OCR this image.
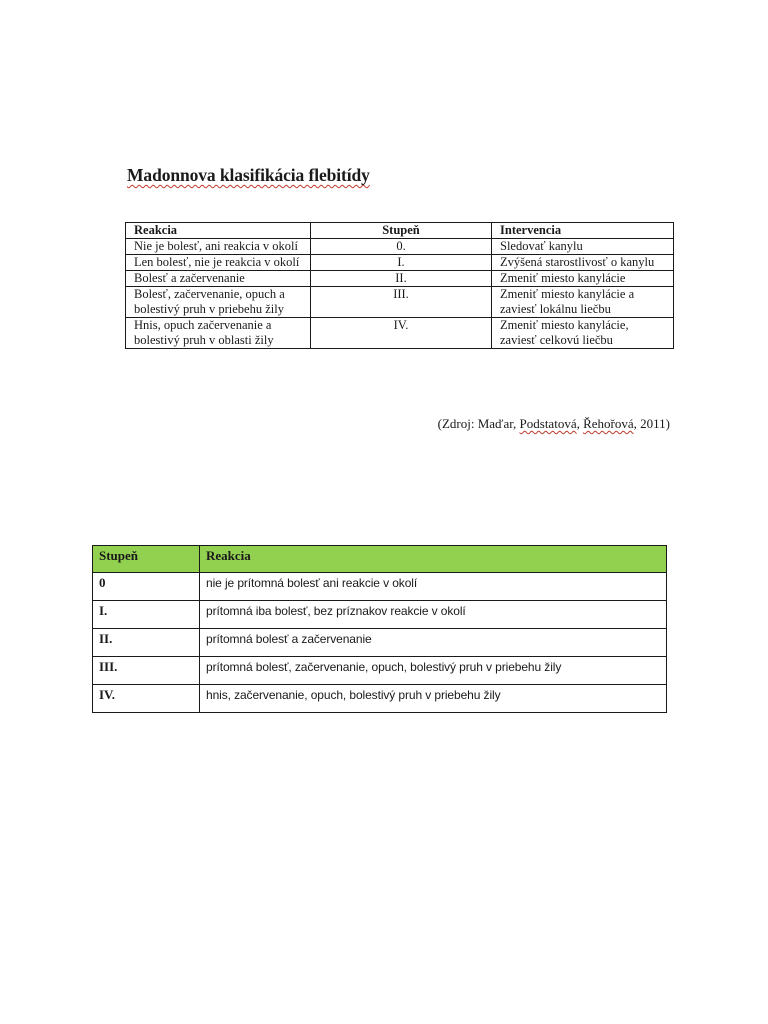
Madonnova klasifikácia flebitídy
Reakcia	Stupeň	Intervencia
Nie je bolesť, ani reakcia v okolí	0.	Sledovať kanylu
Len bolesť, nie je reakcia v okolí	I.	Zvýšená starostlivosť o kanylu
Bolesť a začervenanie	II.	Zmeniť miesto kanylácie
Bolesť, začervenanie, opuch a bolestivý pruh v priebehu žily	III.	Zmeniť miesto kanylácie a zaviesť lokálnu liečbu
Hnis, opuch začervenanie a bolestivý pruh v oblasti žily	IV.	Zmeniť miesto kanylácie, zaviesť celkovú liečbu
(Zdroj: Maďar, Podstatová, Řehořová, 2011)
Stupeň	Reakcia
0	nie je prítomná bolesť ani reakcie v okolí
I.	prítomná iba bolesť, bez príznakov reakcie v okolí
II.	prítomná bolesť a začervenanie
III.	prítomná bolesť, začervenanie, opuch, bolestivý pruh v priebehu žily
IV.	hnis, začervenanie, opuch, bolestivý pruh v priebehu žily
